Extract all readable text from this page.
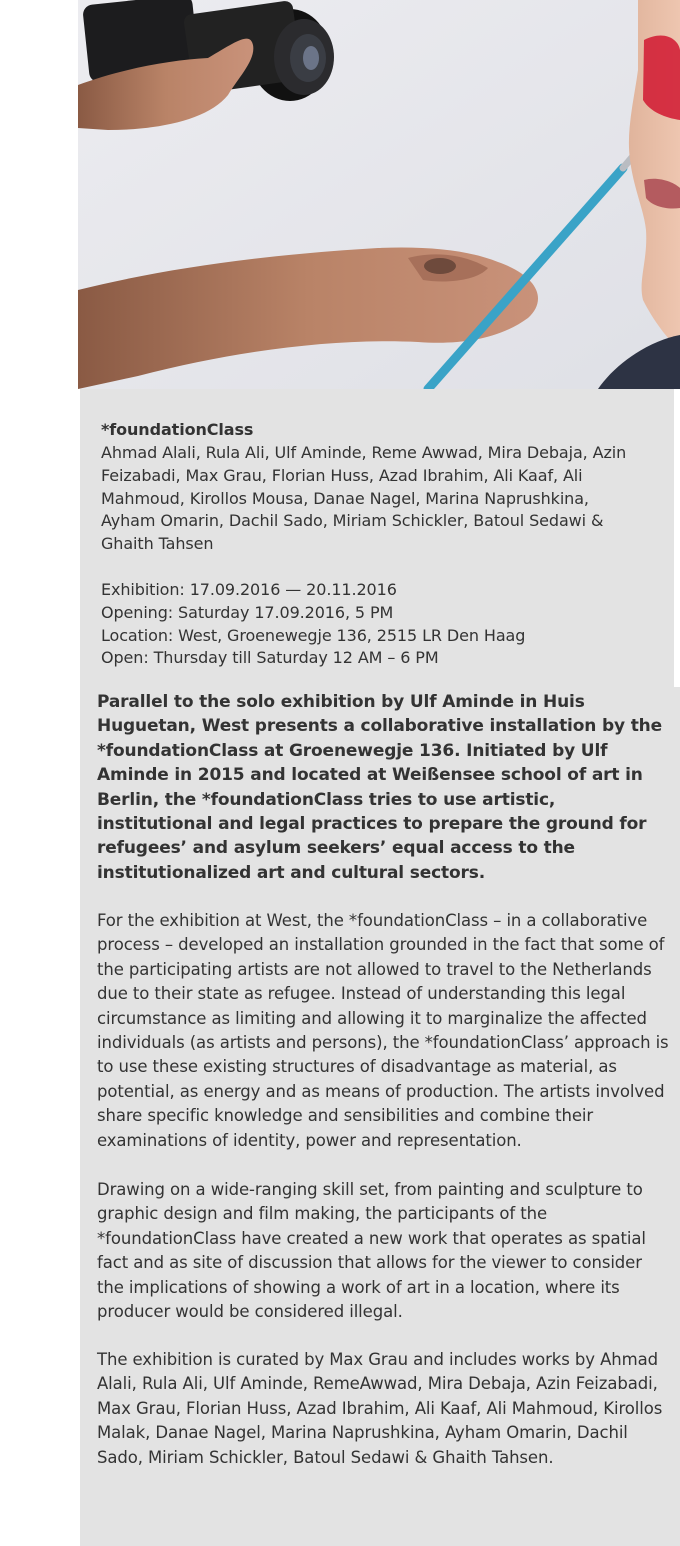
*foundationClass
Ahmad Alali, Rula Ali, Ulf Aminde, Reme Awwad, Mira Debaja, Azin Feizabadi, Max Grau, Florian Huss, Azad Ibrahim, Ali Kaaf, Ali Mahmoud, Kirollos Mousa, Danae Nagel, Marina Naprushkina, Ayham Omarin, Dachil Sado, Miriam Schickler, Batoul Sedawi & Ghaith Tahsen
Exhibition: 17.09.2016 — 20.11.2016
Opening: Saturday 17.09.2016, 5 PM
Location: West, Groenewegje 136, 2515 LR Den Haag
Open: Thursday till Saturday 12 AM – 6 PM

Parallel to the solo exhibition by Ulf Aminde in Huis Huguetan, West presents a collaborative installation by the *foundationClass at Groenewegje 136. Initiated by Ulf Aminde in 2015 and located at Weißensee school of art in Berlin, the *foundationClass tries to use artistic, institutional and legal practices to prepare the ground for refugees’ and asylum seekers’ equal access to the institutionalized art and cultural sectors.

For the exhibition at West, the *foundationClass – in a collaborative process – developed an installation grounded in the fact that some of the participating artists are not allowed to travel to the Netherlands due to their state as refugee. Instead of understanding this legal circumstance as limiting and allowing it to marginalize the affected individuals (as artists and persons), the *foundationClass’ approach is to use these existing structures of disadvantage as material, as potential, as energy and as means of production. The artists involved share specific knowledge and sensibilities and combine their examinations of identity, power and representation.

Drawing on a wide-ranging skill set, from painting and sculpture to graphic design and film making, the participants of the *foundationClass have created a new work that operates as spatial fact and as site of discussion that allows for the viewer to consider the implications of showing a work of art in a location, where its producer would be considered illegal.

The exhibition is curated by Max Grau and includes works by Ahmad Alali, Rula Ali, Ulf Aminde, RemeAwwad, Mira Debaja, Azin Feizabadi, Max Grau, Florian Huss, Azad Ibrahim, Ali Kaaf, Ali Mahmoud, Kirollos Malak, Danae Nagel, Marina Naprushkina, Ayham Omarin, Dachil Sado, Miriam Schickler, Batoul Sedawi & Ghaith Tahsen.
